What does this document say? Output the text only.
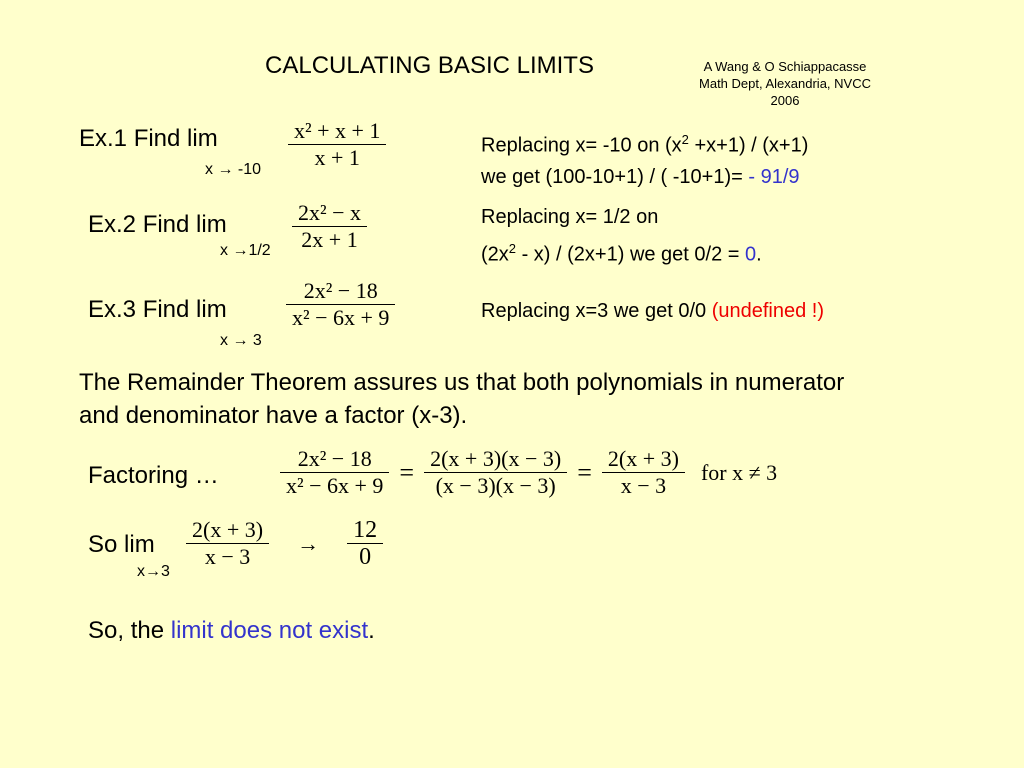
CALCULATING BASIC LIMITS	A Wang & O Schiappacasse
Math Dept, Alexandria, NVCC
2006
Ex.1 Find lim
$x \to -10 \frac{\text{x² + x + 1}}{x + 1}$	Replacing x= -10 on $(x^2 +x+1) / (x+1)$
we get (100-10+1) / ( -10+1)= - 91/9
Ex.2 Find lim
$x \to 1/2 \frac{\text{2x² − x}}{2x + 1}$	Replacing x= 1/2 on
$(2x^2 - x) / (2x+1)$ we get 0/2 = 0.
Ex.3 Find lim
x → 3
$\frac{\text{2x² − 18}}{\text{x² − 6x + 9}}$	Replacing x=3 we get 0/0 (undefined !)
The Remainder Theorem assures us that both polynomials in numerator
and denominator have a factor (x-3).
Factoring …	$\frac{\text{2x² − 18}}{\text{x² − 6x + 9}} = \frac{2(x + 3)(x - 3)}{(x - 3)(x - 3)} = \frac{2(x + 3)}{x - 3}$ for x ≠ 3
So lim
x→3
$\frac{2(x + 3)}{x - 3} \to \frac{12}{0}$
So, the limit does not exist.
